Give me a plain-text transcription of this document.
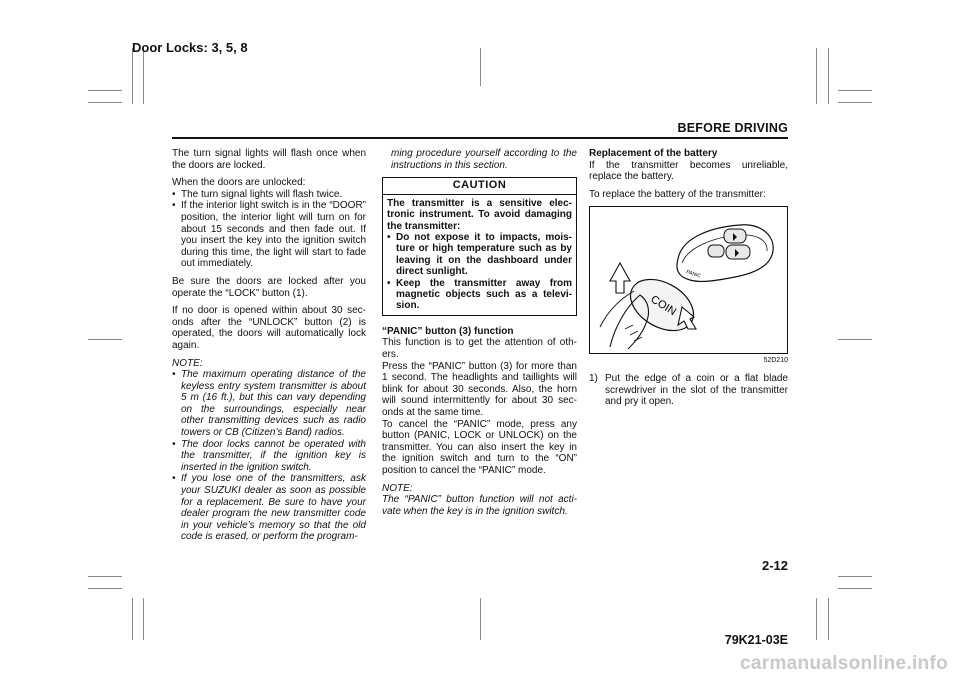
Door Locks: 3, 5, 8
BEFORE DRIVING

The turn signal lights will flash once when the doors are locked.

When the doors are unlocked:

• The turn signal lights will flash twice.
• If the interior light switch is in the “DOOR” position, the interior light will turn on for about 15 seconds and then fade out. If you insert the key into the ignition switch during this time, the light will start to fade out immediately.

Be sure the doors are locked after you operate the “LOCK” button (1).

If no door is opened within about 30 sec-onds after the “UNLOCK” button (2) is operated, the doors will automatically lock again.

NOTE:

• The maximum operating distance of the keyless entry system transmitter is about 5 m (16 ft.), but this can vary depending on the surroundings, especially near other transmitting devices such as radio towers or CB (Citizen’s Band) radios.
• The door locks cannot be operated with the transmitter, if the ignition key is inserted in the ignition switch.
• If you lose one of the transmitters, ask your SUZUKI dealer as soon as possible for a replacement. Be sure to have your dealer program the new transmitter code in your vehicle’s memory so that the old code is erased, or perform the program-

ming procedure yourself according to the instructions in this section.

CAUTION

The transmitter is a sensitive elec-tronic instrument. To avoid damaging the transmitter:

• Do not expose it to impacts, mois-ture or high temperature such as by leaving it on the dashboard under direct sunlight.
• Keep the transmitter away from magnetic objects such as a televi-sion.

“PANIC” button (3) function

This function is to get the attention of oth-ers.

Press the “PANIC” button (3) for more than 1 second. The headlights and taillights will blink for about 30 seconds. Also, the horn will sound intermittently for about 30 sec-onds at the same time.

To cancel the “PANIC” mode, press any button (PANIC, LOCK or UNLOCK) on the transmitter. You can also insert the key in the ignition switch and turn to the “ON” position to cancel the “PANIC” mode.

NOTE:

The “PANIC” button function will not acti-vate when the key is in the ignition switch.

Replacement of the battery

If the transmitter becomes unreliable, replace the battery.

To replace the battery of the transmitter:

PANIC
COIN
52D210

1) Put the edge of a coin or a flat blade screwdriver in the slot of the transmitter and pry it open.

2-12
79K21-03E
carmanualsonline.info
